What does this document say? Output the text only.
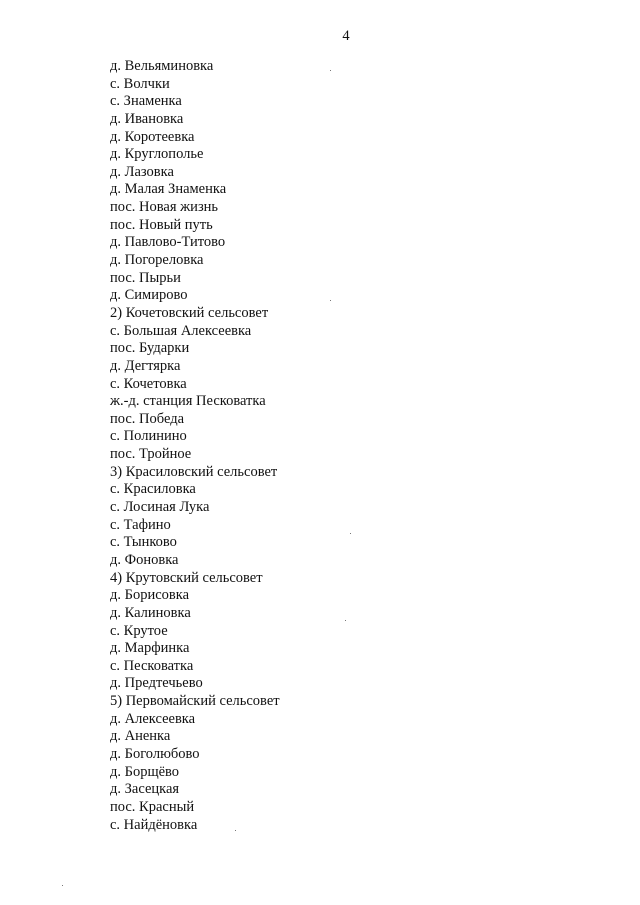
4
д. Вельяминовка
с. Волчки
с. Знаменка
д. Ивановка
д. Коротеевка
д. Круглополье
д. Лазовка
д. Малая Знаменка
пос. Новая жизнь
пос. Новый путь
д. Павлово-Титово
д. Погореловка
пос. Пырьи
д. Симирово
2) Кочетовский сельсовет
с. Большая Алексеевка
пос. Бударки
д. Дегтярка
с. Кочетовка
ж.-д. станция Песковатка
пос. Победа
с. Полинино
пос. Тройное
3) Красиловский сельсовет
с. Красиловка
с. Лосиная Лука
с. Тафино
с. Тынково
д. Фоновка
4) Крутовский сельсовет
д. Борисовка
д. Калиновка
с. Крутое
д. Марфинка
с. Песковатка
д. Предтечьево
5) Первомайский сельсовет
д. Алексеевка
д. Аненка
д. Боголюбово
д. Борщёво
д. Засецкая
пос. Красный
с. Найдёновка
